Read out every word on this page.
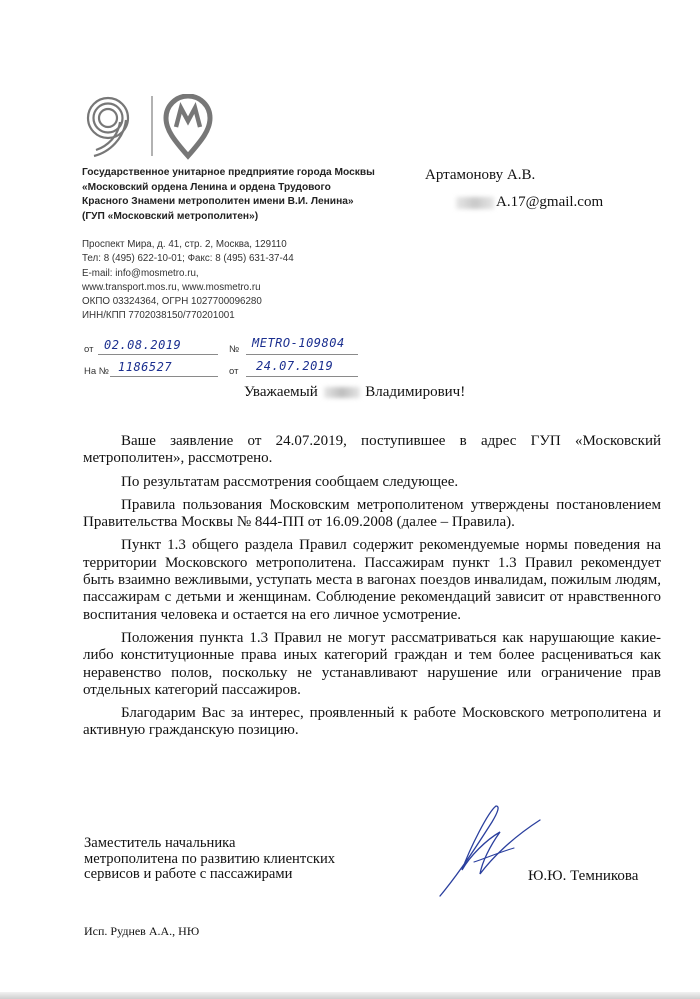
Государственное унитарное предприятие города Москвы
«Московский ордена Ленина и ордена Трудового
Красного Знамени метрополитен имени В.И. Ленина»
(ГУП «Московский метрополитен»)
Проспект Мира, д. 41, стр. 2, Москва, 129110
Тел: 8 (495) 622-10-01; Факс: 8 (495) 631-37-44
E-mail: info@mosmetro.ru,
www.transport.mos.ru, www.mosmetro.ru
ОКПО 03324364, ОГРН 1027700096280
ИНН/КПП 7702038150/770201001
Артамонову А.В.
A.17@gmail.com
от 02.08.2019	№ METRO-109804
На № 1186527	от 24.07.2019
Уважаемый	Владимирович!

Ваше заявление от 24.07.2019, поступившее в адрес ГУП «Московский метрополитен», рассмотрено.

По результатам рассмотрения сообщаем следующее.

Правила пользования Московским метрополитеном утверждены постановлением Правительства Москвы № 844-ПП от 16.09.2008 (далее – Правила).

Пункт 1.3 общего раздела Правил содержит рекомендуемые нормы поведения на территории Московского метрополитена. Пассажирам пункт 1.3 Правил рекомендует быть взаимно вежливыми, уступать места в вагонах поездов инвалидам, пожилым людям, пассажирам с детьми и женщинам. Соблюдение рекомендаций зависит от нравственного воспитания человека и остается на его личное усмотрение.

Положения пункта 1.3 Правил не могут рассматриваться как нарушающие какие-либо конституционные права иных категорий граждан и тем более расцениваться как неравенство полов, поскольку не устанавливают нарушение или ограничение прав отдельных категорий пассажиров.

Благодарим Вас за интерес, проявленный к работе Московского метрополитена и активную гражданскую позицию.

Заместитель начальника
метрополитена по развитию клиентских
сервисов и работе с пассажирами	Ю.Ю. Темникова
Исп. Руднев А.А., НЮ
